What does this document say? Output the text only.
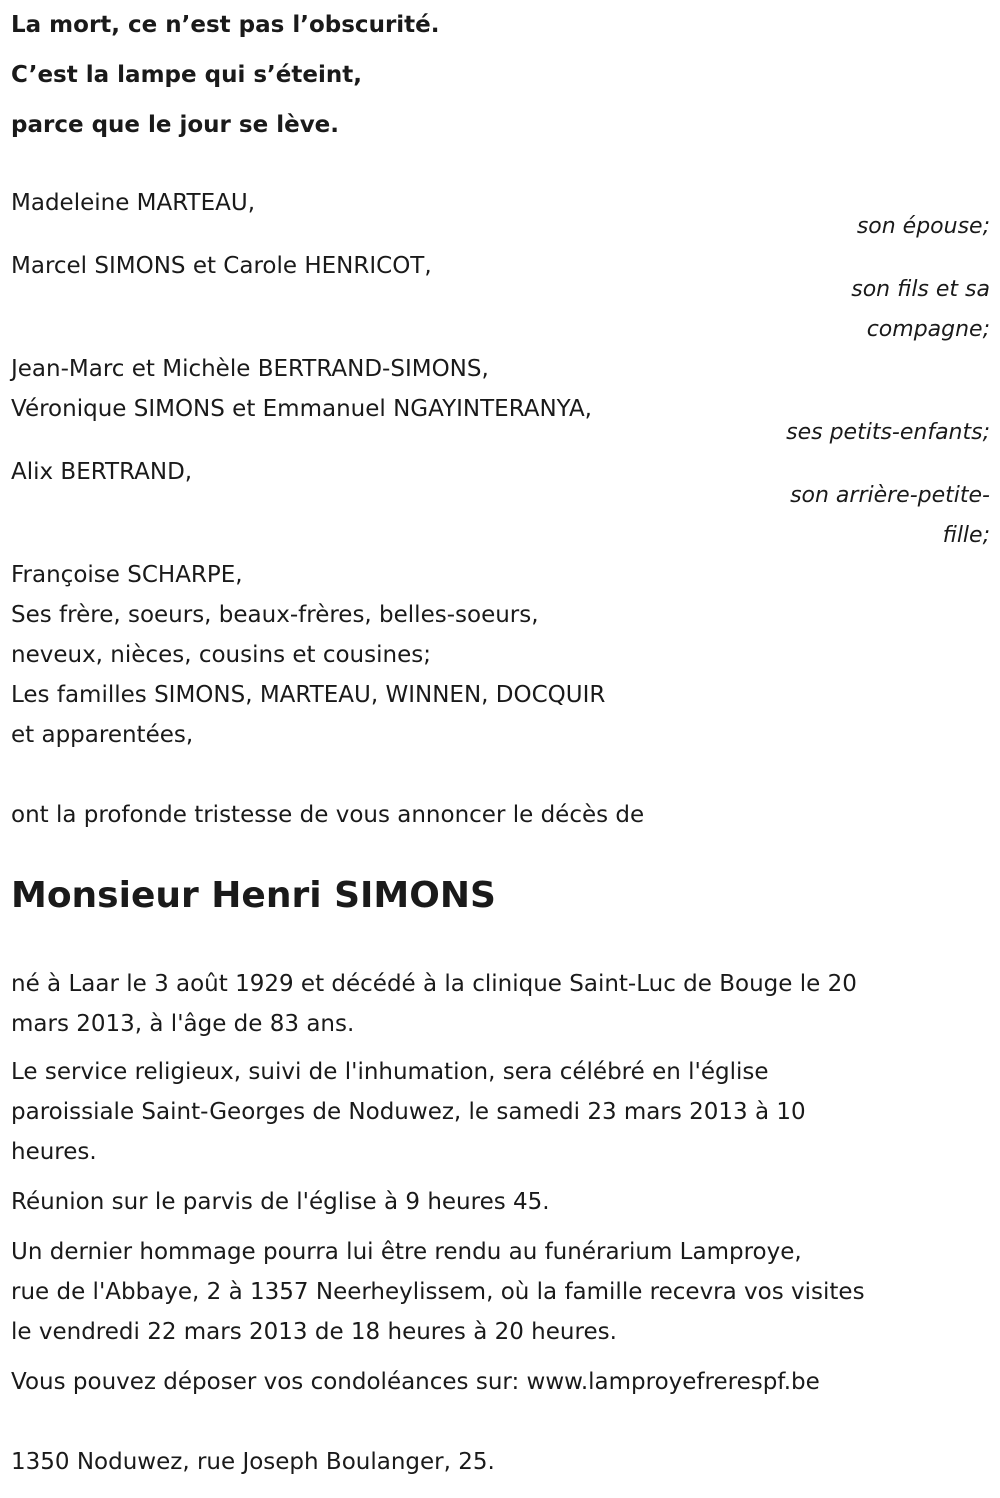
La mort, ce n’est pas l’obscurité.
C’est la lampe qui s’éteint,
parce que le jour se lève.
Madeleine MARTEAU,
son épouse;
Marcel SIMONS et Carole HENRICOT,
son fils et sa
compagne;
Jean-Marc et Michèle BERTRAND-SIMONS,
Véronique SIMONS et Emmanuel NGAYINTERANYA,
ses petits-enfants;
Alix BERTRAND,
son arrière-petite-
fille;
Françoise SCHARPE,
Ses frère, soeurs, beaux-frères, belles-soeurs,
neveux, nièces, cousins et cousines;
Les familles SIMONS, MARTEAU, WINNEN, DOCQUIR
et apparentées,
ont la profonde tristesse de vous annoncer le décès de
Monsieur Henri SIMONS
né à Laar le 3 août 1929 et décédé à la clinique Saint-Luc de Bouge le 20
mars 2013, à l'âge de 83 ans.
Le service religieux, suivi de l'inhumation, sera célébré en l'église
paroissiale Saint-Georges de Noduwez, le samedi 23 mars 2013 à 10
heures.
Réunion sur le parvis de l'église à 9 heures 45.
Un dernier hommage pourra lui être rendu au funérarium Lamproye,
rue de l'Abbaye, 2 à 1357 Neerheylissem, où la famille recevra vos visites
le vendredi 22 mars 2013 de 18 heures à 20 heures.
Vous pouvez déposer vos condoléances sur: www.lamproyefrerespf.be
1350 Noduwez, rue Joseph Boulanger, 25.
